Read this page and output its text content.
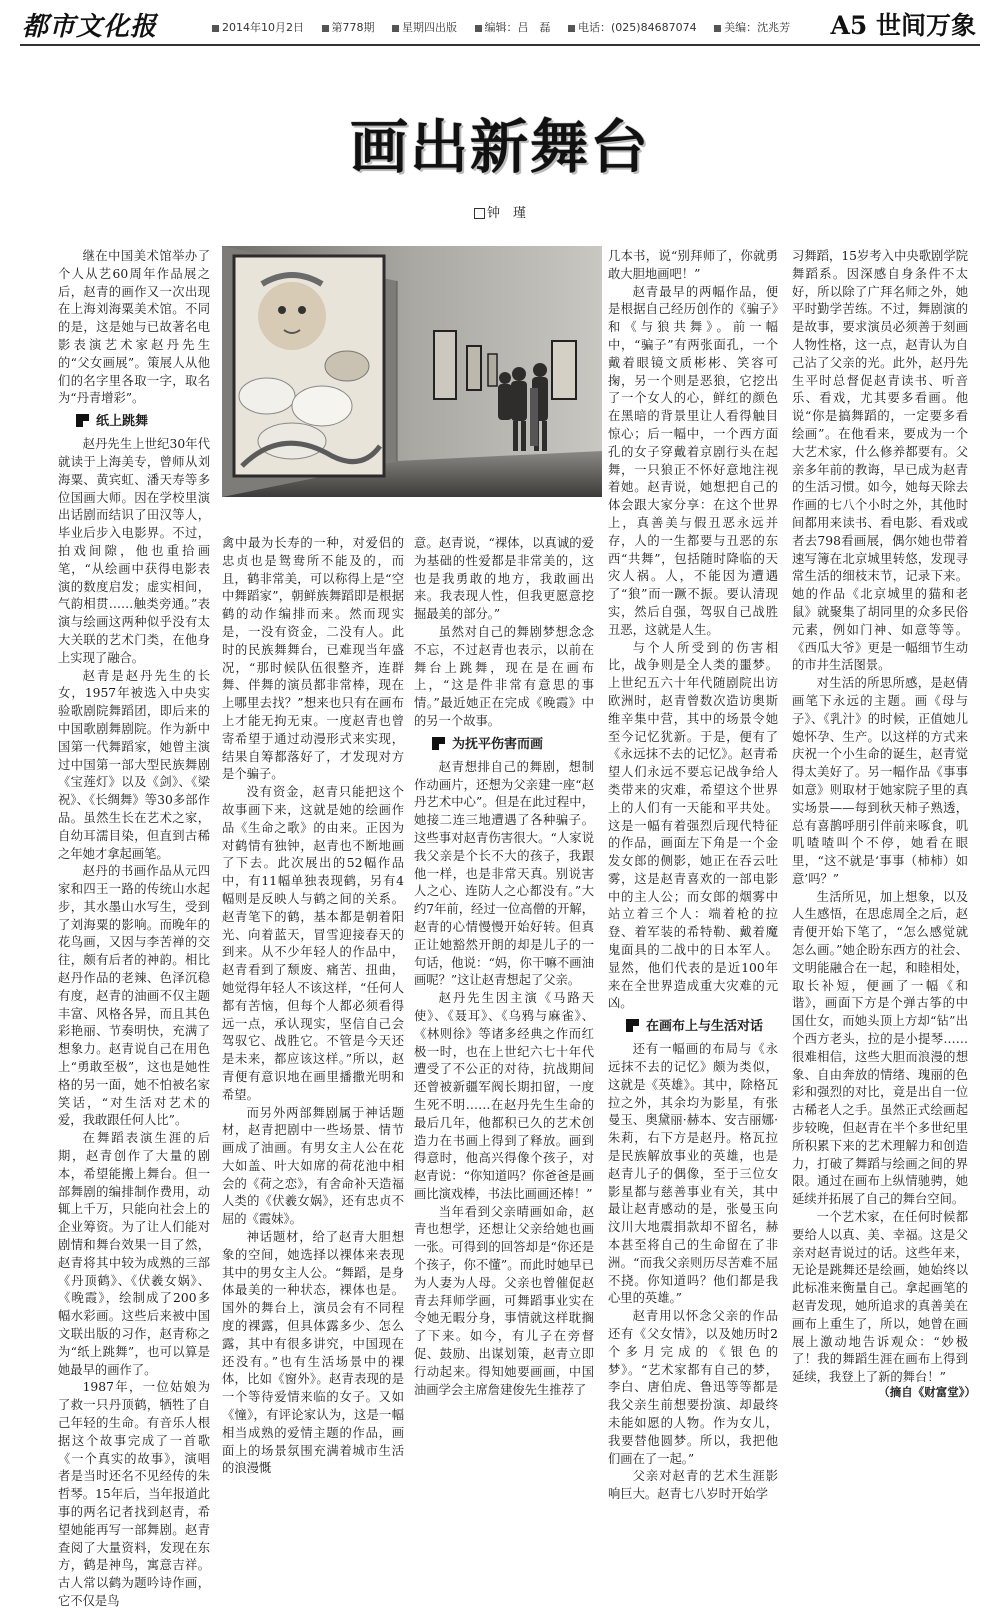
都市文化报	2014年10月2日	第778期	星期四出版	编辑：吕　磊	电话：(025)84687074	美编：沈兆芳	A5 世间万象
画出新舞台
钟　瑾

继在中国美术馆举办了个人从艺60周年作品展之后，赵青的画作又一次出现在上海刘海粟美术馆。不同的是，这是她与已故著名电影表演艺术家赵丹先生的“父女画展”。策展人从他们的名字里各取一字，取名为“丹青增彩”。

纸上跳舞

赵丹先生上世纪30年代就读于上海美专，曾师从刘海粟、黄宾虹、潘天寿等多位国画大师。因在学校里演出话剧而结识了田汉等人，毕业后步入电影界。不过，拍戏间隙，他也重拾画笔，“从绘画中获得电影表演的数度启发；虚实相间，气韵相贯……触类旁通。”表演与绘画这两种似乎没有太大关联的艺术门类，在他身上实现了融合。

赵青是赵丹先生的长女，1957年被选入中央实验歌剧院舞蹈团，即后来的中国歌剧舞剧院。作为新中国第一代舞蹈家，她曾主演过中国第一部大型民族舞剧《宝莲灯》以及《剑》、《梁祝》、《长绸舞》等30多部作品。虽然生长在艺术之家，自幼耳濡目染，但直到古稀之年她才拿起画笔。

赵丹的书画作品从元四家和四王一路的传统山水起步，其水墨山水写生，受到了刘海粟的影响。而晚年的花鸟画，又因与李苦禅的交往，颇有后者的神韵。相比赵丹作品的老辣、色泽沉稳有度，赵青的油画不仅主题丰富、风格各异，而且其色彩艳丽、节奏明快，充满了想象力。赵青说自己在用色上“勇敢至极”，这也是她性格的另一面，她不怕被名家笑话，“对生活对艺术的爱，我敢跟任何人比”。

在舞蹈表演生涯的后期，赵青创作了大量的剧本，希望能搬上舞台。但一部舞剧的编排制作费用，动辄上千万，只能向社会上的企业筹资。为了让人们能对剧情和舞台效果一目了然，赵青将其中较为成熟的三部《丹顶鹤》、《伏羲女娲》、《晚霞》，绘制成了200多幅水彩画。这些后来被中国文联出版的习作，赵青称之为“纸上跳舞”，也可以算是她最早的画作了。

1987年，一位姑娘为了救一只丹顶鹤，牺牲了自己年轻的生命。有音乐人根据这个故事完成了一首歌《一个真实的故事》，演唱者是当时还名不见经传的朱哲琴。15年后，当年报道此事的两名记者找到赵青，希望她能再写一部舞剧。赵青查阅了大量资料，发现在东方，鹤是神鸟，寓意吉祥。古人常以鹤为题吟诗作画，它不仅是鸟

禽中最为长寿的一种，对爱侣的忠贞也是鸳鸯所不能及的，而且，鹤非常美，可以称得上是“空中舞蹈家”，朝鲜族舞蹈即是根据鹤的动作编排而来。然而现实是，一没有资金，二没有人。此时的民族舞舞台，已难现当年盛况，“那时候队伍很整齐，连群舞、伴舞的演员都非常棒，现在上哪里去找？”想来也只有在画布上才能无拘无束。一度赵青也曾寄希望于通过动漫形式来实现，结果自筹都落好了，才发现对方是个骗子。

没有资金，赵青只能把这个故事画下来，这就是她的绘画作品《生命之歌》的由来。正因为对鹤情有独钟，赵青也不断地画了下去。此次展出的52幅作品中，有11幅单独表现鹤，另有4幅则是反映人与鹤之间的关系。赵青笔下的鹤，基本都是朝着阳光、向着蓝天，冒雪迎接春天的到来。从不少年轻人的作品中，赵青看到了颓废、痛苦、扭曲，她觉得年轻人不该这样，“任何人都有苦恼，但每个人都必须看得远一点，承认现实，坚信自己会驾驭它、战胜它。不管是今天还是未来，都应该这样。”所以，赵青便有意识地在画里播撒光明和希望。

而另外两部舞剧属于神话题材，赵青把剧中一些场景、情节画成了油画。有男女主人公在花大如盖、叶大如席的荷花池中相会的《荷之恋》，有舍命补天造福人类的《伏羲女娲》，还有忠贞不屈的《霞妹》。

神话题材，给了赵青大胆想象的空间，她选择以裸体来表现其中的男女主人公。“舞蹈，是身体最美的一种状态，裸体也是。国外的舞台上，演员会有不同程度的裸露，但具体露多少、怎么露，其中有很多讲究，中国现在还没有。”也有生活场景中的裸体，比如《窗外》。赵青表现的是一个等待爱情来临的女子。又如《憧》，有评论家认为，这是一幅相当成熟的爱情主题的作品，画面上的场景氛围充满着城市生活的浪漫慨

意。赵青说，“裸体，以真诚的爱为基础的性爱都是非常美的，这也是我勇敢的地方，我敢画出来。我表现人性，但我更愿意挖掘最美的部分。”

虽然对自己的舞剧梦想念念不忘，不过赵青也表示，以前在舞台上跳舞，现在是在画布上，“这是件非常有意思的事情。”最近她正在完成《晚霞》中的另一个故事。

为抚平伤害而画

赵青想排自己的舞剧，想制作动画片，还想为父亲建一座“赵丹艺术中心”。但是在此过程中，她接二连三地遭遇了各种骗子。这些事对赵青伤害很大。“人家说我父亲是个长不大的孩子，我跟他一样，也是非常天真。别说害人之心、连防人之心都没有。”大约7年前，经过一位高僧的开解，赵青的心情慢慢开始好转。但真正让她豁然开朗的却是儿子的一句话，他说：“妈，你干嘛不画油画呢？”这让赵青想起了父亲。

赵丹先生因主演《马路天使》、《聂耳》、《乌鸦与麻雀》、《林则徐》等诸多经典之作而红极一时，也在上世纪六七十年代遭受了不公正的对待，抗战期间还曾被新疆军阀长期扣留，一度生死不明……在赵丹先生生命的最后几年，他都积已久的艺术创造力在书画上得到了释放。画到得意时，他高兴得像个孩子，对赵青说：“你知道吗？你爸爸是画画比演戏棒，书法比画画还棒！”

当年看到父亲晴画如命，赵青也想学，还想让父亲给她也画一张。可得到的回答却是“你还是个孩子，你不懂”。而此时她早已为人妻为人母。父亲也曾催促赵青去拜师学画，可舞蹈事业实在令她无暇分身，事情就这样耽搁了下来。如今，有儿子在旁督促、鼓励、出谋划策，赵青立即行动起来。得知她要画画，中国油画学会主席詹建俊先生推荐了

几本书，说“别拜师了，你就勇敢大胆地画吧！”

赵青最早的两幅作品，便是根据自己经历创作的《骗子》和《与狼共舞》。前一幅中，“骗子”有两张面孔，一个戴着眼镜文质彬彬、笑容可掬，另一个则是恶狼，它挖出了一个女人的心，鲜红的颜色在黑暗的背景里让人看得触目惊心；后一幅中，一个西方面孔的女子穿戴着京剧行头在起舞，一只狼正不怀好意地注视着她。赵青说，她想把自己的体会跟大家分享：在这个世界上，真善美与假丑恶永远并存，人的一生都要与丑恶的东西“共舞”，包括随时降临的天灾人祸。人，不能因为遭遇了“狼”而一蹶不振。要认清现实，然后自强，驾驭自己战胜丑恶，这就是人生。

与个人所受到的伤害相比，战争则是全人类的噩梦。上世纪五六十年代随剧院出访欧洲时，赵青曾数次造访奥斯维辛集中营，其中的场景令她至今记忆犹新。于是，便有了《永远抹不去的记忆》。赵青希望人们永远不要忘记战争给人类带来的灾难，希望这个世界上的人们有一天能和平共处。这是一幅有着强烈后现代特征的作品，画面左下角是一个金发女郎的侧影，她正在吞云吐雾，这是赵青喜欢的一部电影中的主人公；而女郎的烟雾中站立着三个人：端着枪的拉登、着军装的希特勒、戴着魔鬼面具的二战中的日本军人。显然，他们代表的是近100年来在全世界造成重大灾难的元凶。

在画布上与生活对话

还有一幅画的布局与《永远抹不去的记忆》颇为类似，这就是《英雄》。其中，除格瓦拉之外，其余均为影星，有张曼玉、奥黛丽·赫本、安吉丽娜·朱莉，右下方是赵丹。格瓦拉是民族解放事业的英雄，也是赵青儿子的偶像，至于三位女影星都与慈善事业有关，其中最让赵青感动的是，张曼玉向汶川大地震捐款却不留名，赫本甚至将自己的生命留在了非洲。“而我父亲则历尽苦难不屈不挠。你知道吗？他们都是我心里的英雄。”

赵青用以怀念父亲的作品还有《父女情》，以及她历时2个多月完成的《银色的梦》。“艺术家都有自己的梦，李白、唐伯虎、鲁迅等等都是我父亲生前想要扮演、却最终未能如愿的人物。作为女儿，我要替他圆梦。所以，我把他们画在了一起。”

父亲对赵青的艺术生涯影响巨大。赵青七八岁时开始学

习舞蹈，15岁考入中央歌剧学院舞蹈系。因深感自身条件不太好，所以除了广拜名师之外，她平时勤学苦练。不过，舞剧演的是故事，要求演员必须善于刻画人物性格，这一点，赵青认为自己沾了父亲的光。此外，赵丹先生平时总督促赵青读书、听音乐、看戏，尤其要多看画。他说“你是搞舞蹈的，一定要多看绘画”。在他看来，要成为一个大艺术家，什么修养都要有。父亲多年前的教诲，早已成为赵青的生活习惯。如今，她每天除去作画的七八个小时之外，其他时间都用来读书、看电影、看戏或者去798看画展，偶尔她也带着速写簿在北京城里转悠，发现寻常生活的细枝末节，记录下来。她的作品《北京城里的猫和老鼠》就聚集了胡同里的众多民俗元素，例如门神、如意等等。《西瓜大爷》更是一幅细节生动的市井生活图景。

对生活的所思所感，是赵倩画笔下永远的主题。画《母与子》、《乳汁》的时候，正值她儿媳怀孕、生产。以这样的方式来庆祝一个小生命的诞生，赵青觉得太美好了。另一幅作品《事事如意》则取材于她家院子里的真实场景——每到秋天柿子熟透，总有喜鹊呼朋引伴前来啄食，叽叽喳喳叫个不停，她看在眼里，“这不就是‘事事（柿柿）如意’吗？”

生活所见，加上想象，以及人生感悟，在思虑周全之后，赵青便开始下笔了，“怎么感觉就怎么画。”她企盼东西方的社会、文明能融合在一起，和睦相处，取长补短，便画了一幅《和谐》，画面下方是个弹古筝的中国仕女，而她头顶上方却“钻”出个西方老头，拉的是小提琴……很难相信，这些大胆而浪漫的想象、自由奔放的情绪、瑰丽的色彩和强烈的对比，竟是出自一位古稀老人之手。虽然正式绘画起步较晚，但赵青在半个多世纪里所积累下来的艺术理解力和创造力，打破了舞蹈与绘画之间的界限。通过在画布上纵情驰骋，她延续并拓展了自己的舞台空间。

一个艺术家，在任何时候都要给人以真、美、幸福。这是父亲对赵青说过的话。这些年来，无论是跳舞还是绘画，她始终以此标准来衡量自己。拿起画笔的赵青发现，她所追求的真善美在画布上重生了，所以，她曾在画展上激动地告诉观众：“妙极了！我的舞蹈生涯在画布上得到延续，我登上了新的舞台！”

（摘自《财富堂》）
